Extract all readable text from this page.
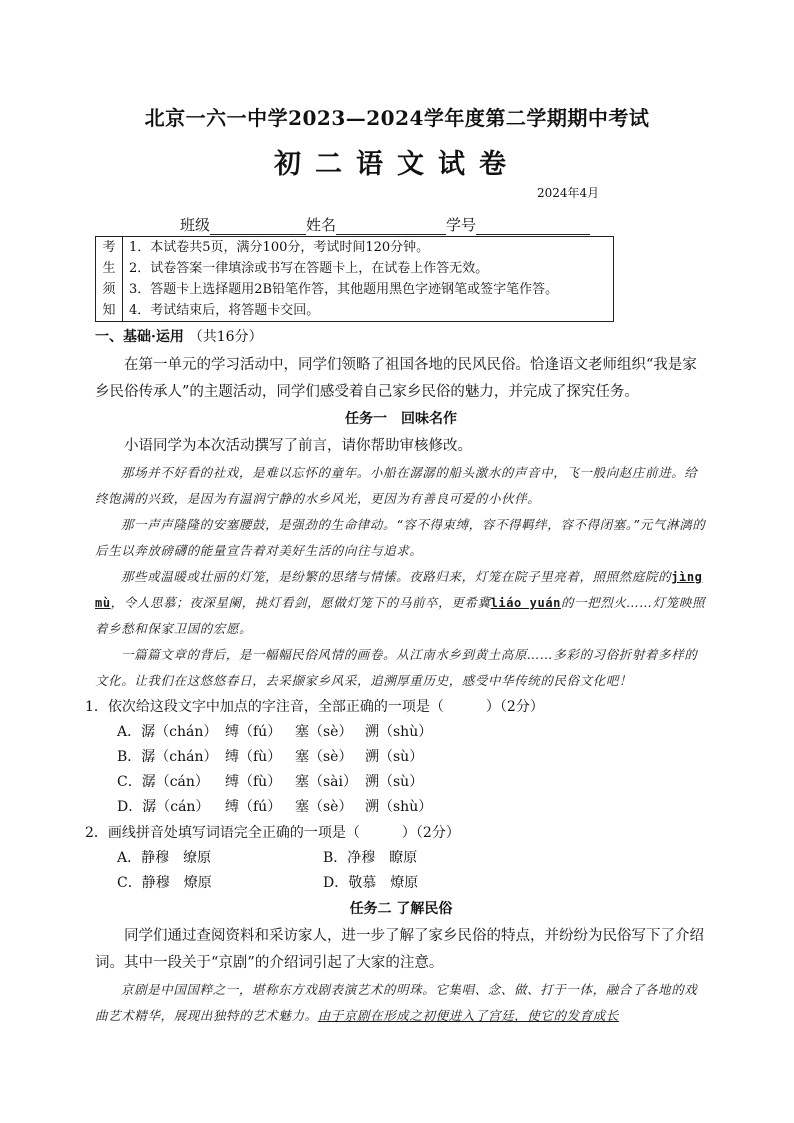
北京一六一中学2023—2024学年度第二学期期中考试
初二语文试卷
2024年4月
班级	姓名	学号
考
生
须
知
1．本试卷共5页，满分100分，考试时间120分钟。
2．试卷答案一律填涂或书写在答题卡上，在试卷上作答无效。
3．答题卡上选择题用2B铅笔作答，其他题用黑色字迹钢笔或签字笔作答。
4．考试结束后，将答题卡交回。
一、基础·运用 （共16分）

在第一单元的学习活动中，同学们领略了祖国各地的民风民俗。恰逢语文老师组织“我是家乡民俗传承人”的主题活动，同学们感受着自己家乡民俗的魅力，并完成了探究任务。

任务一　回味名作

小语同学为本次活动撰写了前言，请你帮助审核修改。

那场并不好看的社戏，是难以忘怀的童年。小船在潺潺的船头激水的声音中，飞一般向赵庄前进。给终饱满的兴致，是因为有温润宁静的水乡风光，更因为有善良可爱的小伙伴。

那一声声隆隆的安塞腰鼓，是强劲的生命律动。“容不得束缚，容不得羁绊，容不得闭塞。”元气淋漓的后生以奔放磅礴的能量宣告着对美好生活的向往与追求。

那些或温暖或壮丽的灯笼，是纷繁的思绪与情愫。夜路归来，灯笼在院子里亮着，照照然庭院的jìng mù，令人思慕；夜深星阑，挑灯看剑，愿做灯笼下的马前卒，更希冀liáo yuán的一把烈火……灯笼映照着乡愁和保家卫国的宏愿。

一篇篇文章的背后，是一幅幅民俗风情的画卷。从江南水乡到黄土高原……多彩的习俗折射着多样的文化。让我们在这悠悠春日，去采撷家乡风采，追溯厚重历史，感受中华传统的民俗文化吧！

1．依次给这段文字中加点的字注音，全部正确的一项是（　　　）（2分）

A．潺（chán） 缚（fú） 塞（sè） 溯（shù）
B．潺（chán） 缚（fù） 塞（sè） 溯（sù）
C．潺（cán） 缚（fù） 塞（sài） 溯（sù）
D．潺（cán） 缚（fú） 塞（sè） 溯（shù）

2．画线拼音处填写词语完全正确的一项是（　　　）（2分）

A．静穆　缭原	B．净穆　瞭原
C．静穆　燎原	D．敬慕　燎原
任务二 了解民俗

同学们通过查阅资料和采访家人，进一步了解了家乡民俗的特点，并纷纷为民俗写下了介绍词。其中一段关于“京剧”的介绍词引起了大家的注意。

京剧是中国国粹之一，堪称东方戏剧表演艺术的明珠。它集唱、念、做、打于一体，融合了各地的戏曲艺术精华，展现出独特的艺术魅力。由于京剧在形成之初便进入了宫廷，使它的发育成长
